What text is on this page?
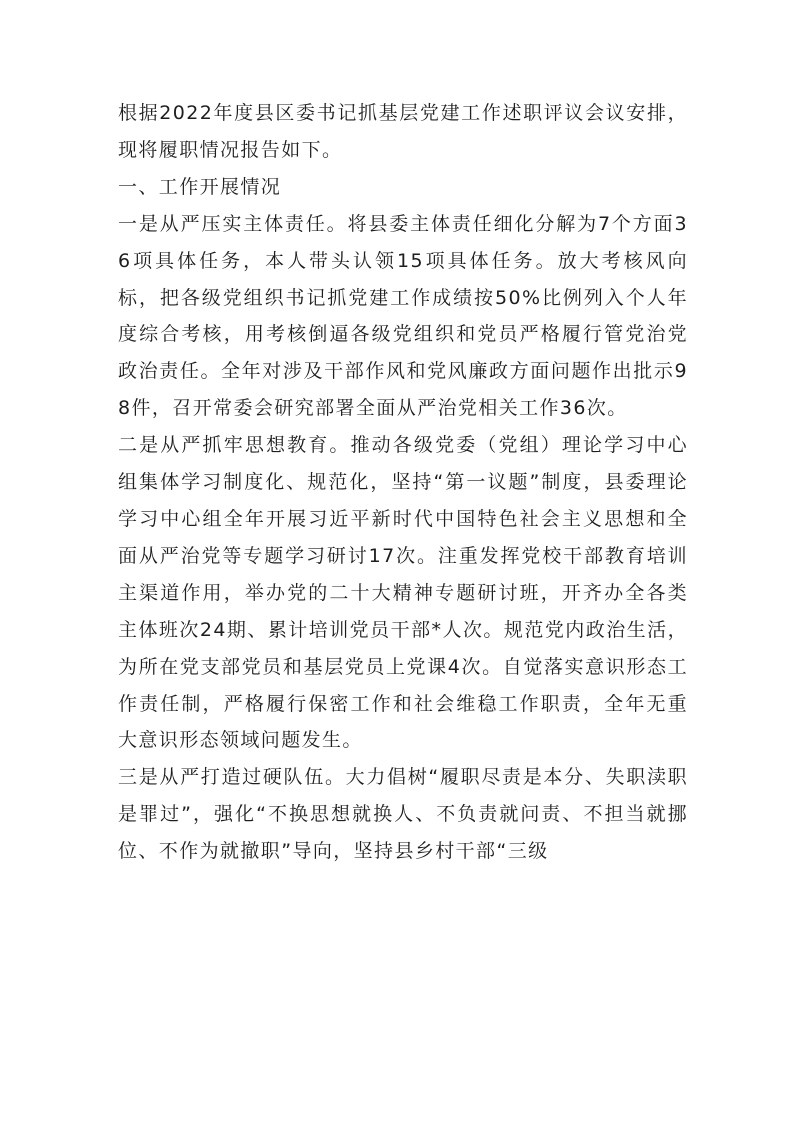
根据2022年度县区委书记抓基层党建工作述职评议会议安排，现将履职情况报告如下。

一、工作开展情况

一是从严压实主体责任。将县委主体责任细化分解为7个方面36项具体任务，本人带头认领15项具体任务。放大考核风向标，把各级党组织书记抓党建工作成绩按50%比例列入个人年度综合考核，用考核倒逼各级党组织和党员严格履行管党治党政治责任。全年对涉及干部作风和党风廉政方面问题作出批示98件，召开常委会研究部署全面从严治党相关工作36次。

二是从严抓牢思想教育。推动各级党委（党组）理论学习中心组集体学习制度化、规范化，坚持“第一议题”制度，县委理论学习中心组全年开展习近平新时代中国特色社会主义思想和全面从严治党等专题学习研讨17次。注重发挥党校干部教育培训主渠道作用，举办党的二十大精神专题研讨班，开齐办全各类主体班次24期、累计培训党员干部*人次。规范党内政治生活，为所在党支部党员和基层党员上党课4次。自觉落实意识形态工作责任制，严格履行保密工作和社会维稳工作职责，全年无重大意识形态领域问题发生。

三是从严打造过硬队伍。大力倡树“履职尽责是本分、失职渎职是罪过”，强化“不换思想就换人、不负责就问责、不担当就挪位、不作为就撤职”导向，坚持县乡村干部“三级
